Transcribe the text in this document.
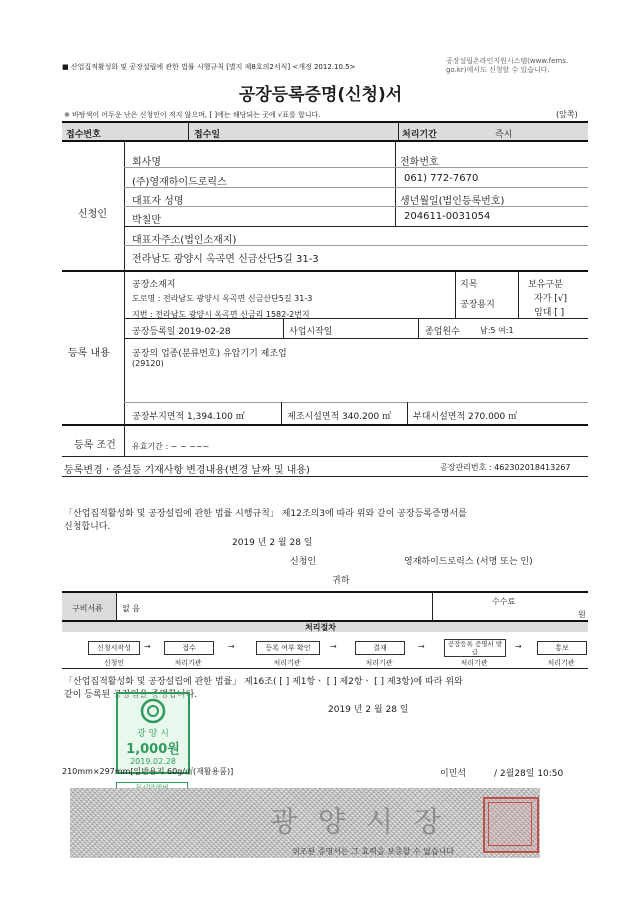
■ 산업집적활성화 및 공장설립에 관한 법률 시행규칙 [별지 제8호의2서식] <개정 2012.10.5>
공장설립온라인지원시스템(www.fems.
go.kr)에서도 신청할 수 있습니다.
공장등록증명(신청)서
※ 바탕색이 어두운 난은 신청인이 적지 않으며, [ ]에는 해당되는 곳에 √표를 합니다.	(앞쪽)
접수번호	접수일	처리기간	즉시
신청인
회사명	전화번호
(주)영재하이드로릭스	061) 772-7670
대표자 성명	생년월일(법인등록번호)
박칠만	204611-0031054
대표자주소(법인소재지)
전라남도 광양시 옥곡면 신금산단5길 31-3
등록 내용
공장소재지
도로명 : 전라남도 광양시 옥곡면 신금산단5길 31-3
지번 : 전라남도 광양시 옥곡면 신금리 1582-2번지
지목
공장용지
보유구분
자가 [√]
임대 [ ]
공장등록일 2019-02-28	사업시작일	종업원수	남:5 여:1
공장의 업종(분류번호) 유압기기 제조업
(29120)
공장부지면적 1,394.100 ㎡	제조시설면적 340.200 ㎡ 부대시설면적 270.000 ㎡
등록 조건 유효기간 : ~ ~ ~~~
등록변경ㆍ증설등 기재사항 변경내용(변경 날짜 및 내용)	공장관리번호 : 462302018413267
「산업집적활성화 및 공장설립에 관한 법률 시행규칙」 제12조의3에 따라 위와 같이 공장등록증명서를
신청합니다.
2019 년 2 월 28 일
신청인	영재하이드로릭스 (서명 또는 인)
귀하
구비서류 없 음
수수료
원
처리절차
신청서작성	접수	등록 여부 확인	결재	공장등록 증명서 발급	통보
→	→	→	→	→
신청인	처리기관	처리기관	처리기관	처리기관	처리기관
「산업집적활성화 및 공장설립에 관한 법률」 제16조( [ ] 제1항ㆍ [ ] 제2항ㆍ [ ] 제3항)에 따라 위와
같이 등록된 공장임을 증명합니다.
2019 년 2 월 28 일
광 양 시
1,000원
2019.02.28
210mm×297mm[일반용지 60g/㎡(재활용품)]	이민석	/ 2월28일 10:50
광 양 시 장
위조된 증명서는 그 효력을 보증할 수 없습니다
